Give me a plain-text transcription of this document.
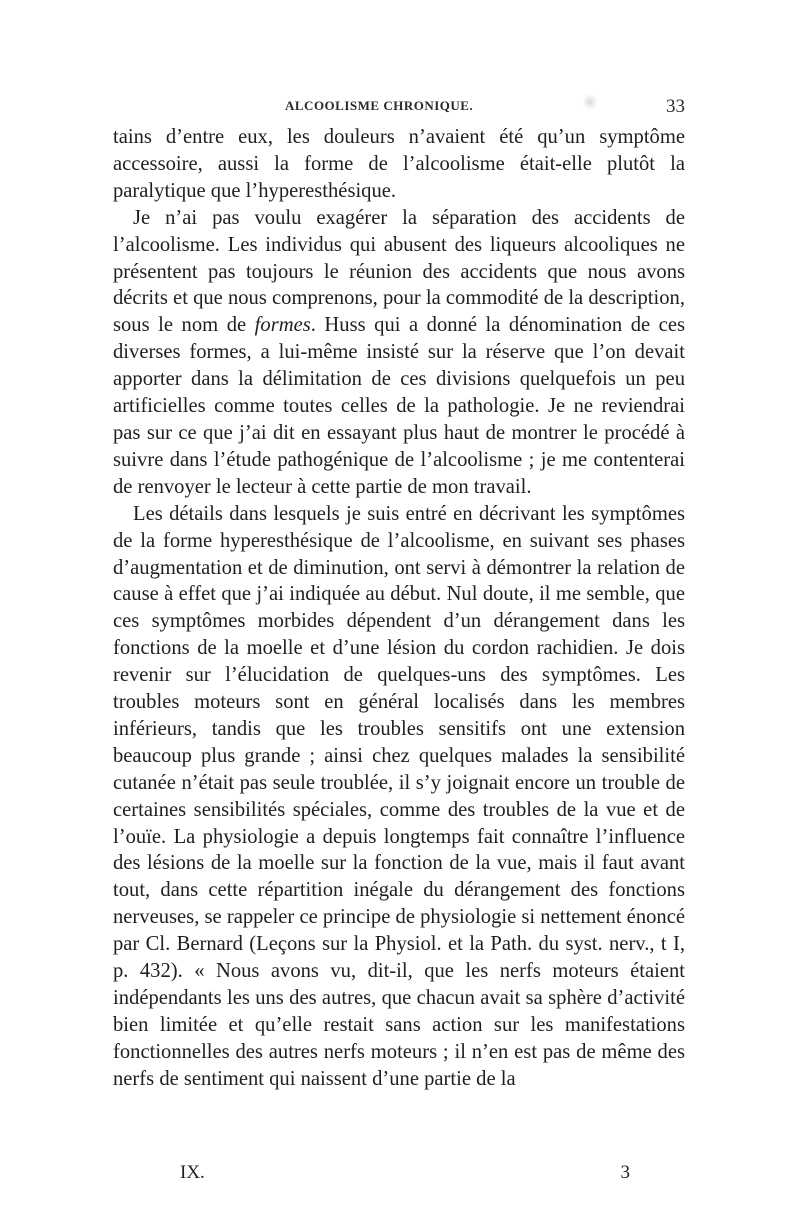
ALCOOLISME CHRONIQUE.	33

tains d’entre eux, les douleurs n’avaient été qu’un symptôme accessoire, aussi la forme de l’alcoolisme était-elle plutôt la paralytique que l’hyperesthésique.

Je n’ai pas voulu exagérer la séparation des accidents de l’alcoolisme. Les individus qui abusent des liqueurs alcooliques ne présentent pas toujours le réunion des accidents que nous avons décrits et que nous comprenons, pour la commodité de la description, sous le nom de formes. Huss qui a donné la dénomination de ces diverses formes, a lui-même insisté sur la réserve que l’on devait apporter dans la délimitation de ces divisions quelquefois un peu artificielles comme toutes celles de la pathologie. Je ne reviendrai pas sur ce que j’ai dit en essayant plus haut de montrer le procédé à suivre dans l’étude pathogénique de l’alcoolisme ; je me contenterai de renvoyer le lecteur à cette partie de mon travail.

Les détails dans lesquels je suis entré en décrivant les symptômes de la forme hyperesthésique de l’alcoolisme, en suivant ses phases d’augmentation et de diminution, ont servi à démontrer la relation de cause à effet que j’ai indiquée au début. Nul doute, il me semble, que ces symptômes morbides dépendent d’un dérangement dans les fonctions de la moelle et d’une lésion du cordon rachidien. Je dois revenir sur l’élucidation de quelques-uns des symptômes. Les troubles moteurs sont en général localisés dans les membres inférieurs, tandis que les troubles sensitifs ont une extension beaucoup plus grande ; ainsi chez quelques malades la sensibilité cutanée n’était pas seule troublée, il s’y joignait encore un trouble de certaines sensibilités spéciales, comme des troubles de la vue et de l’ouïe. La physiologie a depuis longtemps fait connaître l’influence des lésions de la moelle sur la fonction de la vue, mais il faut avant tout, dans cette répartition inégale du dérangement des fonctions nerveuses, se rappeler ce principe de physiologie si nettement énoncé par Cl. Bernard (Leçons sur la Physiol. et la Path. du syst. nerv., t I, p. 432). « Nous avons vu, dit-il, que les nerfs moteurs étaient indépendants les uns des autres, que chacun avait sa sphère d’activité bien limitée et qu’elle restait sans action sur les manifestations fonctionnelles des autres nerfs moteurs ; il n’en est pas de même des nerfs de sentiment qui naissent d’une partie de la

IX.	3
